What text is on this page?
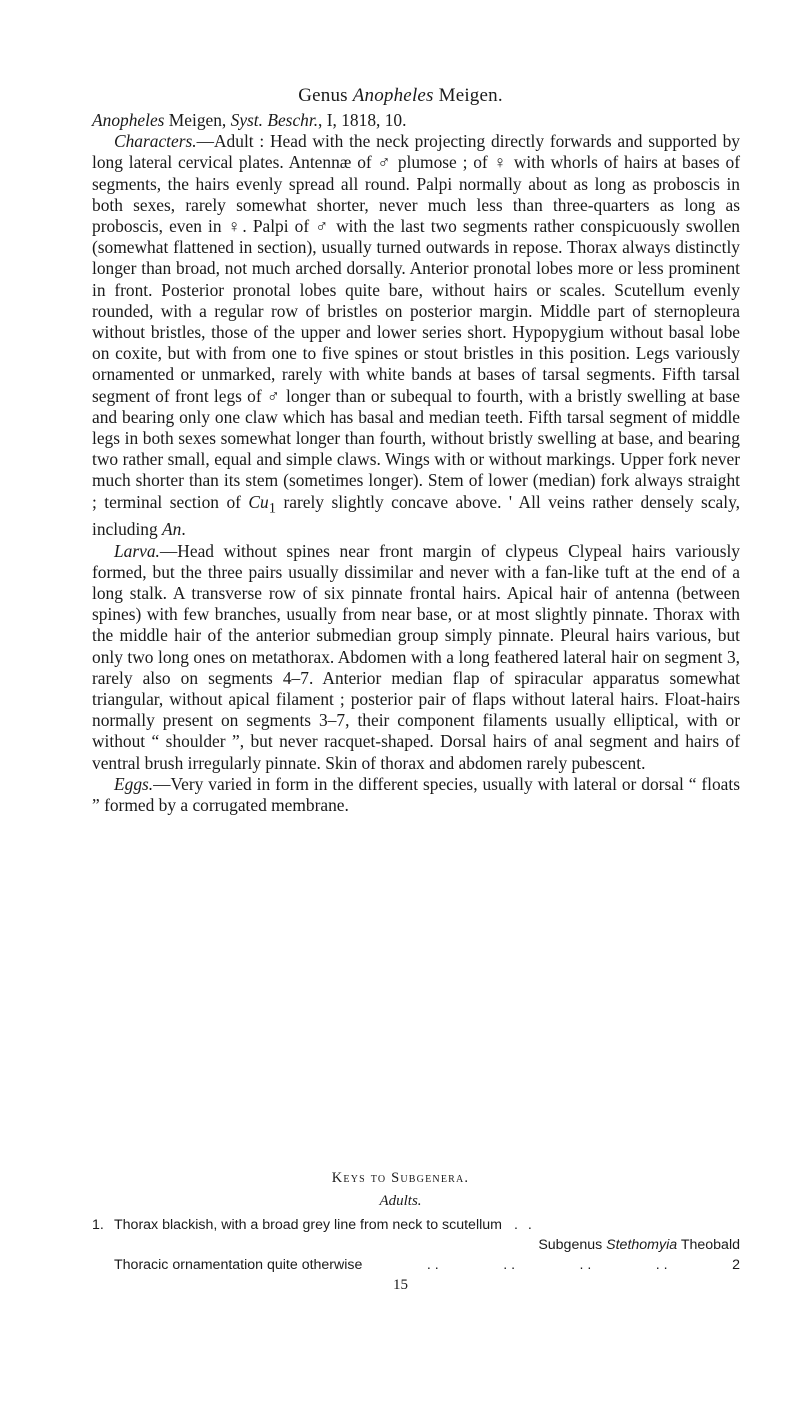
Genus Anopheles Meigen.

Anopheles Meigen, Syst. Beschr., I, 1818, 10.

Characters.—Adult : Head with the neck projecting directly forwards and supported by long lateral cervical plates. Antennæ of ♂ plumose ; of ♀ with whorls of hairs at bases of segments, the hairs evenly spread all round. Palpi normally about as long as proboscis in both sexes, rarely somewhat shorter, never much less than three-quarters as long as proboscis, even in ♀. Palpi of ♂ with the last two segments rather conspicuously swollen (somewhat flattened in section), usually turned outwards in repose. Thorax always distinctly longer than broad, not much arched dorsally. Anterior pronotal lobes more or less prominent in front. Posterior pronotal lobes quite bare, without hairs or scales. Scutellum evenly rounded, with a regular row of bristles on posterior margin. Middle part of sternopleura without bristles, those of the upper and lower series short. Hypopygium without basal lobe on coxite, but with from one to five spines or stout bristles in this position. Legs variously ornamented or unmarked, rarely with white bands at bases of tarsal segments. Fifth tarsal segment of front legs of ♂ longer than or subequal to fourth, with a bristly swelling at base and bearing only one claw which has basal and median teeth. Fifth tarsal segment of middle legs in both sexes somewhat longer than fourth, without bristly swelling at base, and bearing two rather small, equal and simple claws. Wings with or without markings. Upper fork never much shorter than its stem (sometimes longer). Stem of lower (median) fork always straight ; terminal section of $Cu_1$ rarely slightly concave above. ' All veins rather densely scaly, including An.

Larva.—Head without spines near front margin of clypeus Clypeal hairs variously formed, but the three pairs usually dissimilar and never with a fan-like tuft at the end of a long stalk. A transverse row of six pinnate frontal hairs. Apical hair of antenna (between spines) with few branches, usually from near base, or at most slightly pinnate. Thorax with the middle hair of the anterior submedian group simply pinnate. Pleural hairs various, but only two long ones on metathorax. Abdomen with a long feathered lateral hair on segment 3, rarely also on segments 4–7. Anterior median flap of spiracular apparatus somewhat triangular, without apical filament ; posterior pair of flaps without lateral hairs. Float-hairs normally present on segments 3–7, their component filaments usually elliptical, with or without “ shoulder ”, but never racquet-shaped. Dorsal hairs of anal segment and hairs of ventral brush irregularly pinnate. Skin of thorax and abdomen rarely pubescent.

Eggs.—Very varied in form in the different species, usually with lateral or dorsal “ floats ” formed by a corrugated membrane.

Keys to Subgenera.
Adults.
1. Thorax blackish, with a broad grey line from neck to scutellum . .
Subgenus Stethomyia Theobald
Thoracic ornamentation quite otherwise	. .	. .	. .	. .	2
15
